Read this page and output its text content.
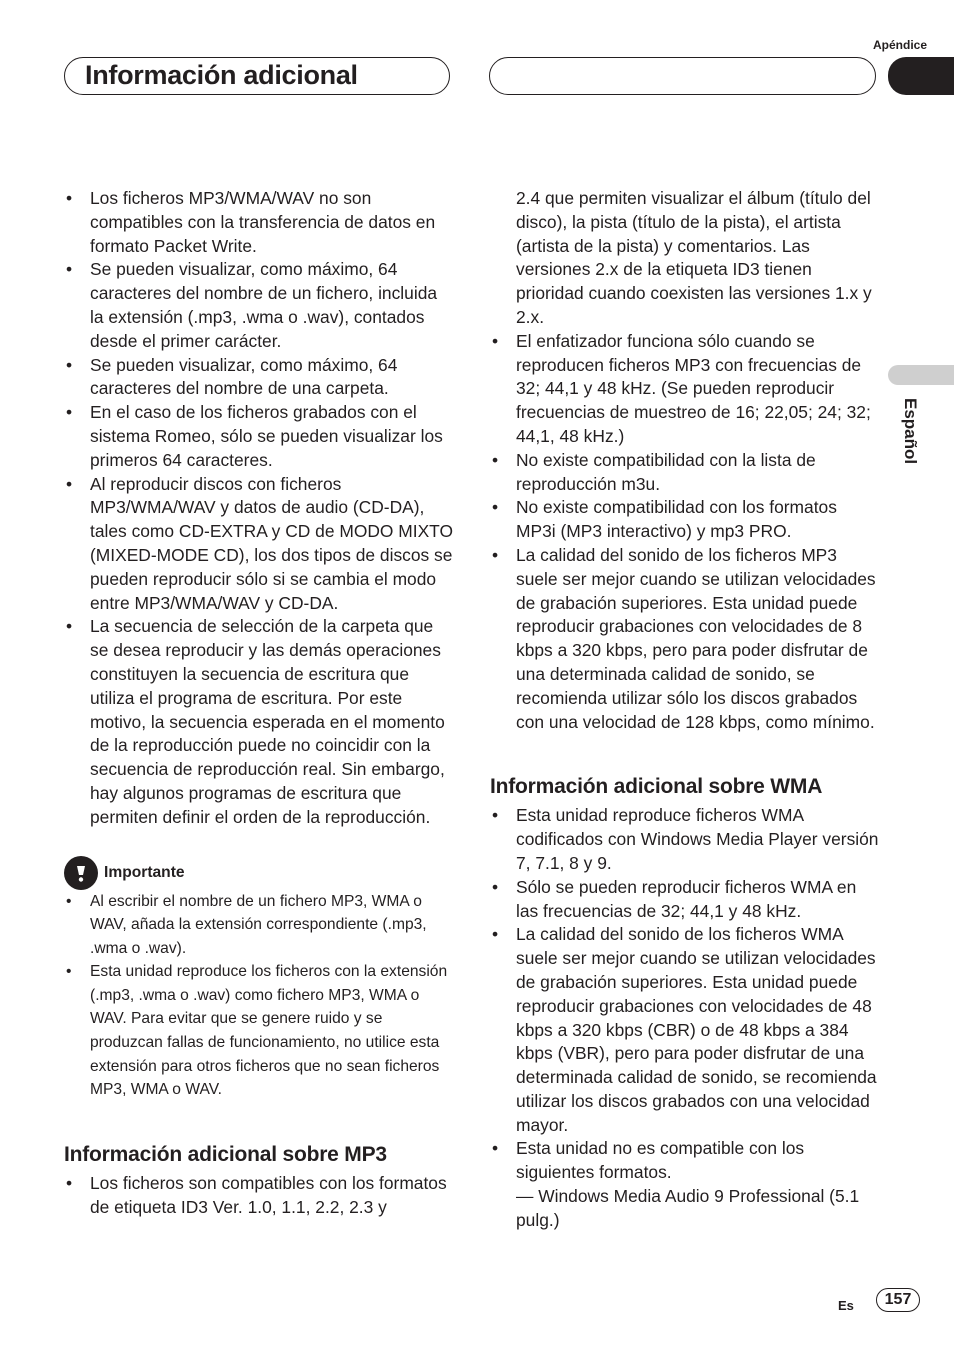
Apéndice
Información adicional
Español
• Los ficheros MP3/WMA/WAV no son compatibles con la transferencia de datos en formato Packet Write.
• Se pueden visualizar, como máximo, 64 caracteres del nombre de un fichero, incluida la extensión (.mp3, .wma o .wav), contados desde el primer carácter.
• Se pueden visualizar, como máximo, 64 caracteres del nombre de una carpeta.
• En el caso de los ficheros grabados con el sistema Romeo, sólo se pueden visualizar los primeros 64 caracteres.
• Al reproducir discos con ficheros MP3/WMA/WAV y datos de audio (CD-DA), tales como CD-EXTRA y CD de MODO MIXTO (MIXED-MODE CD), los dos tipos de discos se pueden reproducir sólo si se cambia el modo entre MP3/WMA/WAV y CD-DA.
• La secuencia de selección de la carpeta que se desea reproducir y las demás operaciones constituyen la secuencia de escritura que utiliza el programa de escritura. Por este motivo, la secuencia esperada en el momento de la reproducción puede no coincidir con la secuencia de reproducción real. Sin embargo, hay algunos programas de escritura que permiten definir el orden de la reproducción.
Importante
• Al escribir el nombre de un fichero MP3, WMA o WAV, añada la extensión correspondiente (.mp3, .wma o .wav).
• Esta unidad reproduce los ficheros con la extensión (.mp3, .wma o .wav) como fichero MP3, WMA o WAV. Para evitar que se genere ruido y se produzcan fallas de funcionamiento, no utilice esta extensión para otros ficheros que no sean ficheros MP3, WMA o WAV.
Información adicional sobre MP3
• Los ficheros son compatibles con los formatos de etiqueta ID3 Ver. 1.0, 1.1, 2.2, 2.3 y
2.4 que permiten visualizar el álbum (título del disco), la pista (título de la pista), el artista (artista de la pista) y comentarios. Las versiones 2.x de la etiqueta ID3 tienen prioridad cuando coexisten las versiones 1.x y 2.x.
• El enfatizador funciona sólo cuando se reproducen ficheros MP3 con frecuencias de 32; 44,1 y 48 kHz. (Se pueden reproducir frecuencias de muestreo de 16; 22,05; 24; 32; 44,1, 48 kHz.)
• No existe compatibilidad con la lista de reproducción m3u.
• No existe compatibilidad con los formatos MP3i (MP3 interactivo) y mp3 PRO.
• La calidad del sonido de los ficheros MP3 suele ser mejor cuando se utilizan velocidades de grabación superiores. Esta unidad puede reproducir grabaciones con velocidades de 8 kbps a 320 kbps, pero para poder disfrutar de una determinada calidad de sonido, se recomienda utilizar sólo los discos grabados con una velocidad de 128 kbps, como mínimo.
Información adicional sobre WMA
• Esta unidad reproduce ficheros WMA codificados con Windows Media Player versión 7, 7.1, 8 y 9.
• Sólo se pueden reproducir ficheros WMA en las frecuencias de 32; 44,1 y 48 kHz.
• La calidad del sonido de los ficheros WMA suele ser mejor cuando se utilizan velocidades de grabación superiores. Esta unidad puede reproducir grabaciones con velocidades de 48 kbps a 320 kbps (CBR) o de 48 kbps a 384 kbps (VBR), pero para poder disfrutar de una determinada calidad de sonido, se recomienda utilizar los discos grabados con una velocidad mayor.
• Esta unidad no es compatible con los siguientes formatos.
— Windows Media Audio 9 Professional (5.1 pulg.)
Es	157
